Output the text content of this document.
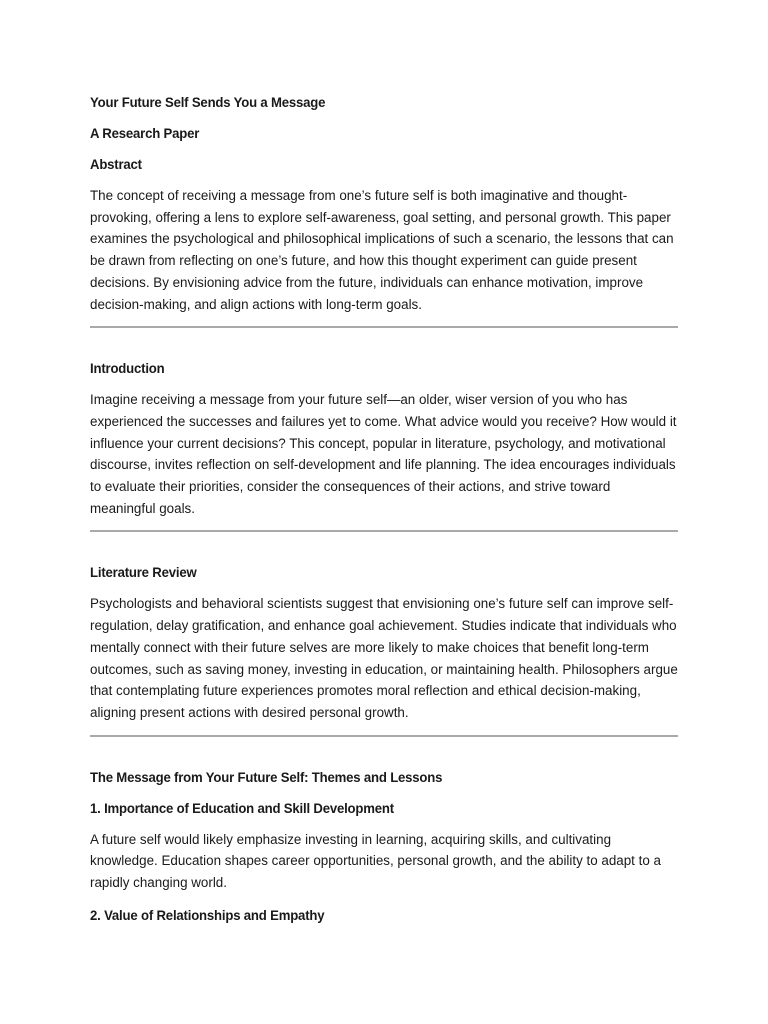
Your Future Self Sends You a Message
A Research Paper
Abstract

The concept of receiving a message from one’s future self is both imaginative and thought-provoking, offering a lens to explore self-awareness, goal setting, and personal growth. This paper examines the psychological and philosophical implications of such a scenario, the lessons that can be drawn from reflecting on one’s future, and how this thought experiment can guide present decisions. By envisioning advice from the future, individuals can enhance motivation, improve decision-making, and align actions with long-term goals.

Introduction

Imagine receiving a message from your future self—an older, wiser version of you who has experienced the successes and failures yet to come. What advice would you receive? How would it influence your current decisions? This concept, popular in literature, psychology, and motivational discourse, invites reflection on self-development and life planning. The idea encourages individuals to evaluate their priorities, consider the consequences of their actions, and strive toward meaningful goals.

Literature Review

Psychologists and behavioral scientists suggest that envisioning one’s future self can improve self-regulation, delay gratification, and enhance goal achievement. Studies indicate that individuals who mentally connect with their future selves are more likely to make choices that benefit long-term outcomes, such as saving money, investing in education, or maintaining health. Philosophers argue that contemplating future experiences promotes moral reflection and ethical decision-making, aligning present actions with desired personal growth.

The Message from Your Future Self: Themes and Lessons
1. Importance of Education and Skill Development

A future self would likely emphasize investing in learning, acquiring skills, and cultivating knowledge. Education shapes career opportunities, personal growth, and the ability to adapt to a rapidly changing world.

2. Value of Relationships and Empathy
